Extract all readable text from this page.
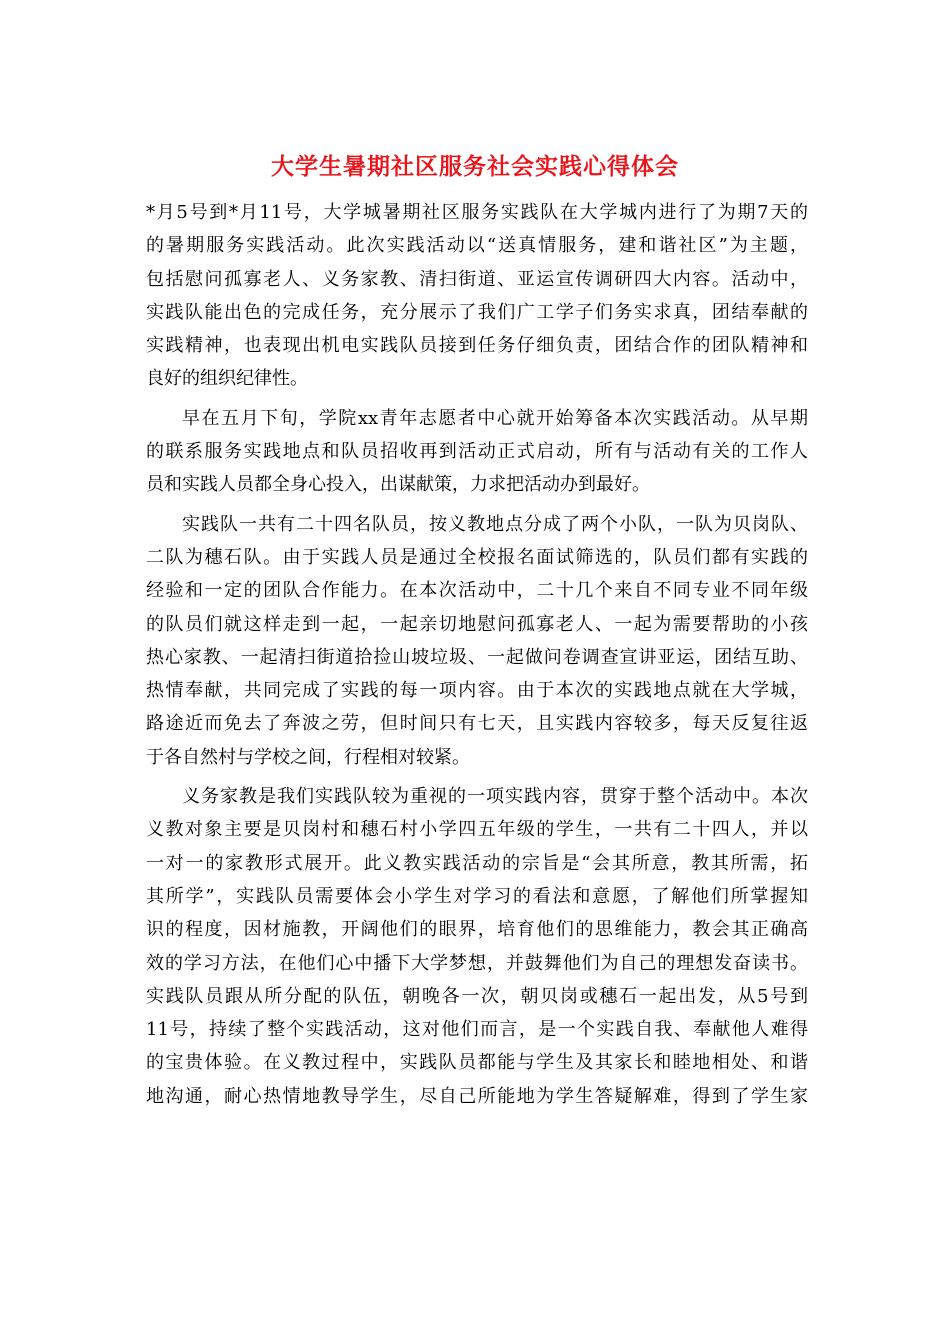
大学生暑期社区服务社会实践心得体会
*月5号到*月11号，大学城暑期社区服务实践队在大学城内进行了为期7天的
的暑期服务实践活动。此次实践活动以“送真情服务，建和谐社区”为主题，
包括慰问孤寡老人、义务家教、清扫街道、亚运宣传调研四大内容。活动中，
实践队能出色的完成任务，充分展示了我们广工学子们务实求真，团结奉献的
实践精神，也表现出机电实践队员接到任务仔细负责，团结合作的团队精神和
良好的组织纪律性。
早在五月下旬，学院xx青年志愿者中心就开始筹备本次实践活动。从早期
的联系服务实践地点和队员招收再到活动正式启动，所有与活动有关的工作人
员和实践人员都全身心投入，出谋献策，力求把活动办到最好。
实践队一共有二十四名队员，按义教地点分成了两个小队，一队为贝岗队、
二队为穗石队。由于实践人员是通过全校报名面试筛选的，队员们都有实践的
经验和一定的团队合作能力。在本次活动中，二十几个来自不同专业不同年级
的队员们就这样走到一起，一起亲切地慰问孤寡老人、一起为需要帮助的小孩
热心家教、一起清扫街道拾捡山坡垃圾、一起做问卷调查宣讲亚运，团结互助、
热情奉献，共同完成了实践的每一项内容。由于本次的实践地点就在大学城，
路途近而免去了奔波之劳，但时间只有七天，且实践内容较多，每天反复往返
于各自然村与学校之间，行程相对较紧。
义务家教是我们实践队较为重视的一项实践内容，贯穿于整个活动中。本次
义教对象主要是贝岗村和穗石村小学四五年级的学生，一共有二十四人，并以
一对一的家教形式展开。此义教实践活动的宗旨是“会其所意，教其所需，拓
其所学”，实践队员需要体会小学生对学习的看法和意愿，了解他们所掌握知
识的程度，因材施教，开阔他们的眼界，培育他们的思维能力，教会其正确高
效的学习方法，在他们心中播下大学梦想，并鼓舞他们为自己的理想发奋读书。
实践队员跟从所分配的队伍，朝晚各一次，朝贝岗或穗石一起出发，从5号到
11号，持续了整个实践活动，这对他们而言，是一个实践自我、奉献他人难得
的宝贵体验。在义教过程中，实践队员都能与学生及其家长和睦地相处、和谐
地沟通，耐心热情地教导学生，尽自己所能地为学生答疑解难，得到了学生家
